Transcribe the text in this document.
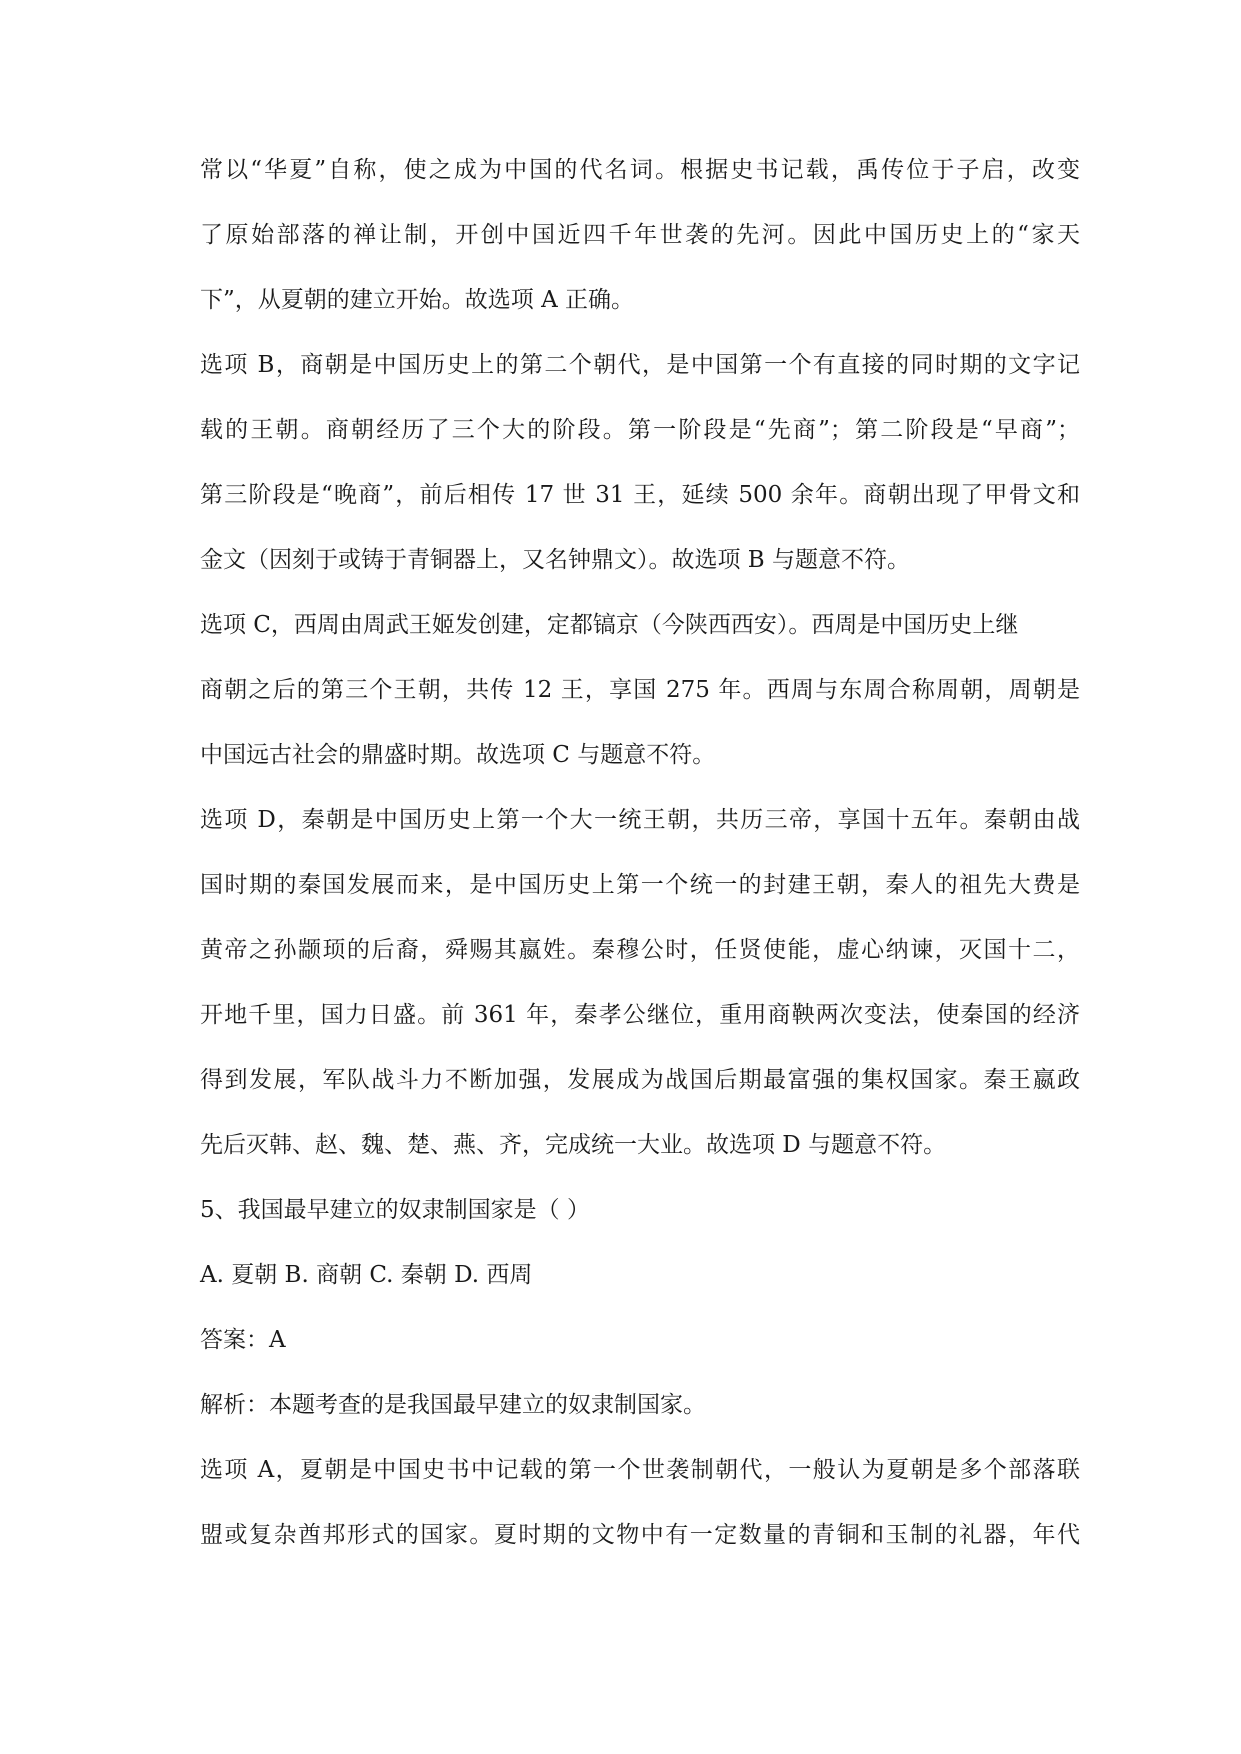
常以“华夏”自称，使之成为中国的代名词。根据史书记载，禹传位于子启，改变
了原始部落的禅让制，开创中国近四千年世袭的先河。因此中国历史上的“家天
下”，从夏朝的建立开始。故选项 A 正确。
选项 B，商朝是中国历史上的第二个朝代，是中国第一个有直接的同时期的文字记
载的王朝。商朝经历了三个大的阶段。第一阶段是“先商”；第二阶段是“早商”；
第三阶段是“晚商”，前后相传 17 世 31 王，延续 500 余年。商朝出现了甲骨文和
金文（因刻于或铸于青铜器上，又名钟鼎文）。故选项 B 与题意不符。
选项 C，西周由周武王姬发创建，定都镐京（今陕西西安）。西周是中国历史上继
商朝之后的第三个王朝，共传 12 王，享国 275 年。西周与东周合称周朝，周朝是
中国远古社会的鼎盛时期。故选项 C 与题意不符。
选项 D，秦朝是中国历史上第一个大一统王朝，共历三帝，享国十五年。秦朝由战
国时期的秦国发展而来，是中国历史上第一个统一的封建王朝，秦人的祖先大费是
黄帝之孙颛顼的后裔，舜赐其嬴姓。秦穆公时，任贤使能，虚心纳谏，灭国十二，
开地千里，国力日盛。前 361 年，秦孝公继位，重用商鞅两次变法，使秦国的经济
得到发展，军队战斗力不断加强，发展成为战国后期最富强的集权国家。秦王嬴政
先后灭韩、赵、魏、楚、燕、齐，完成统一大业。故选项 D 与题意不符。
5、我国最早建立的奴隶制国家是（ ）
A. 夏朝 B. 商朝 C. 秦朝 D. 西周
答案：A
解析：本题考查的是我国最早建立的奴隶制国家。
选项 A，夏朝是中国史书中记载的第一个世袭制朝代，一般认为夏朝是多个部落联
盟或复杂酋邦形式的国家。夏时期的文物中有一定数量的青铜和玉制的礼器，年代
